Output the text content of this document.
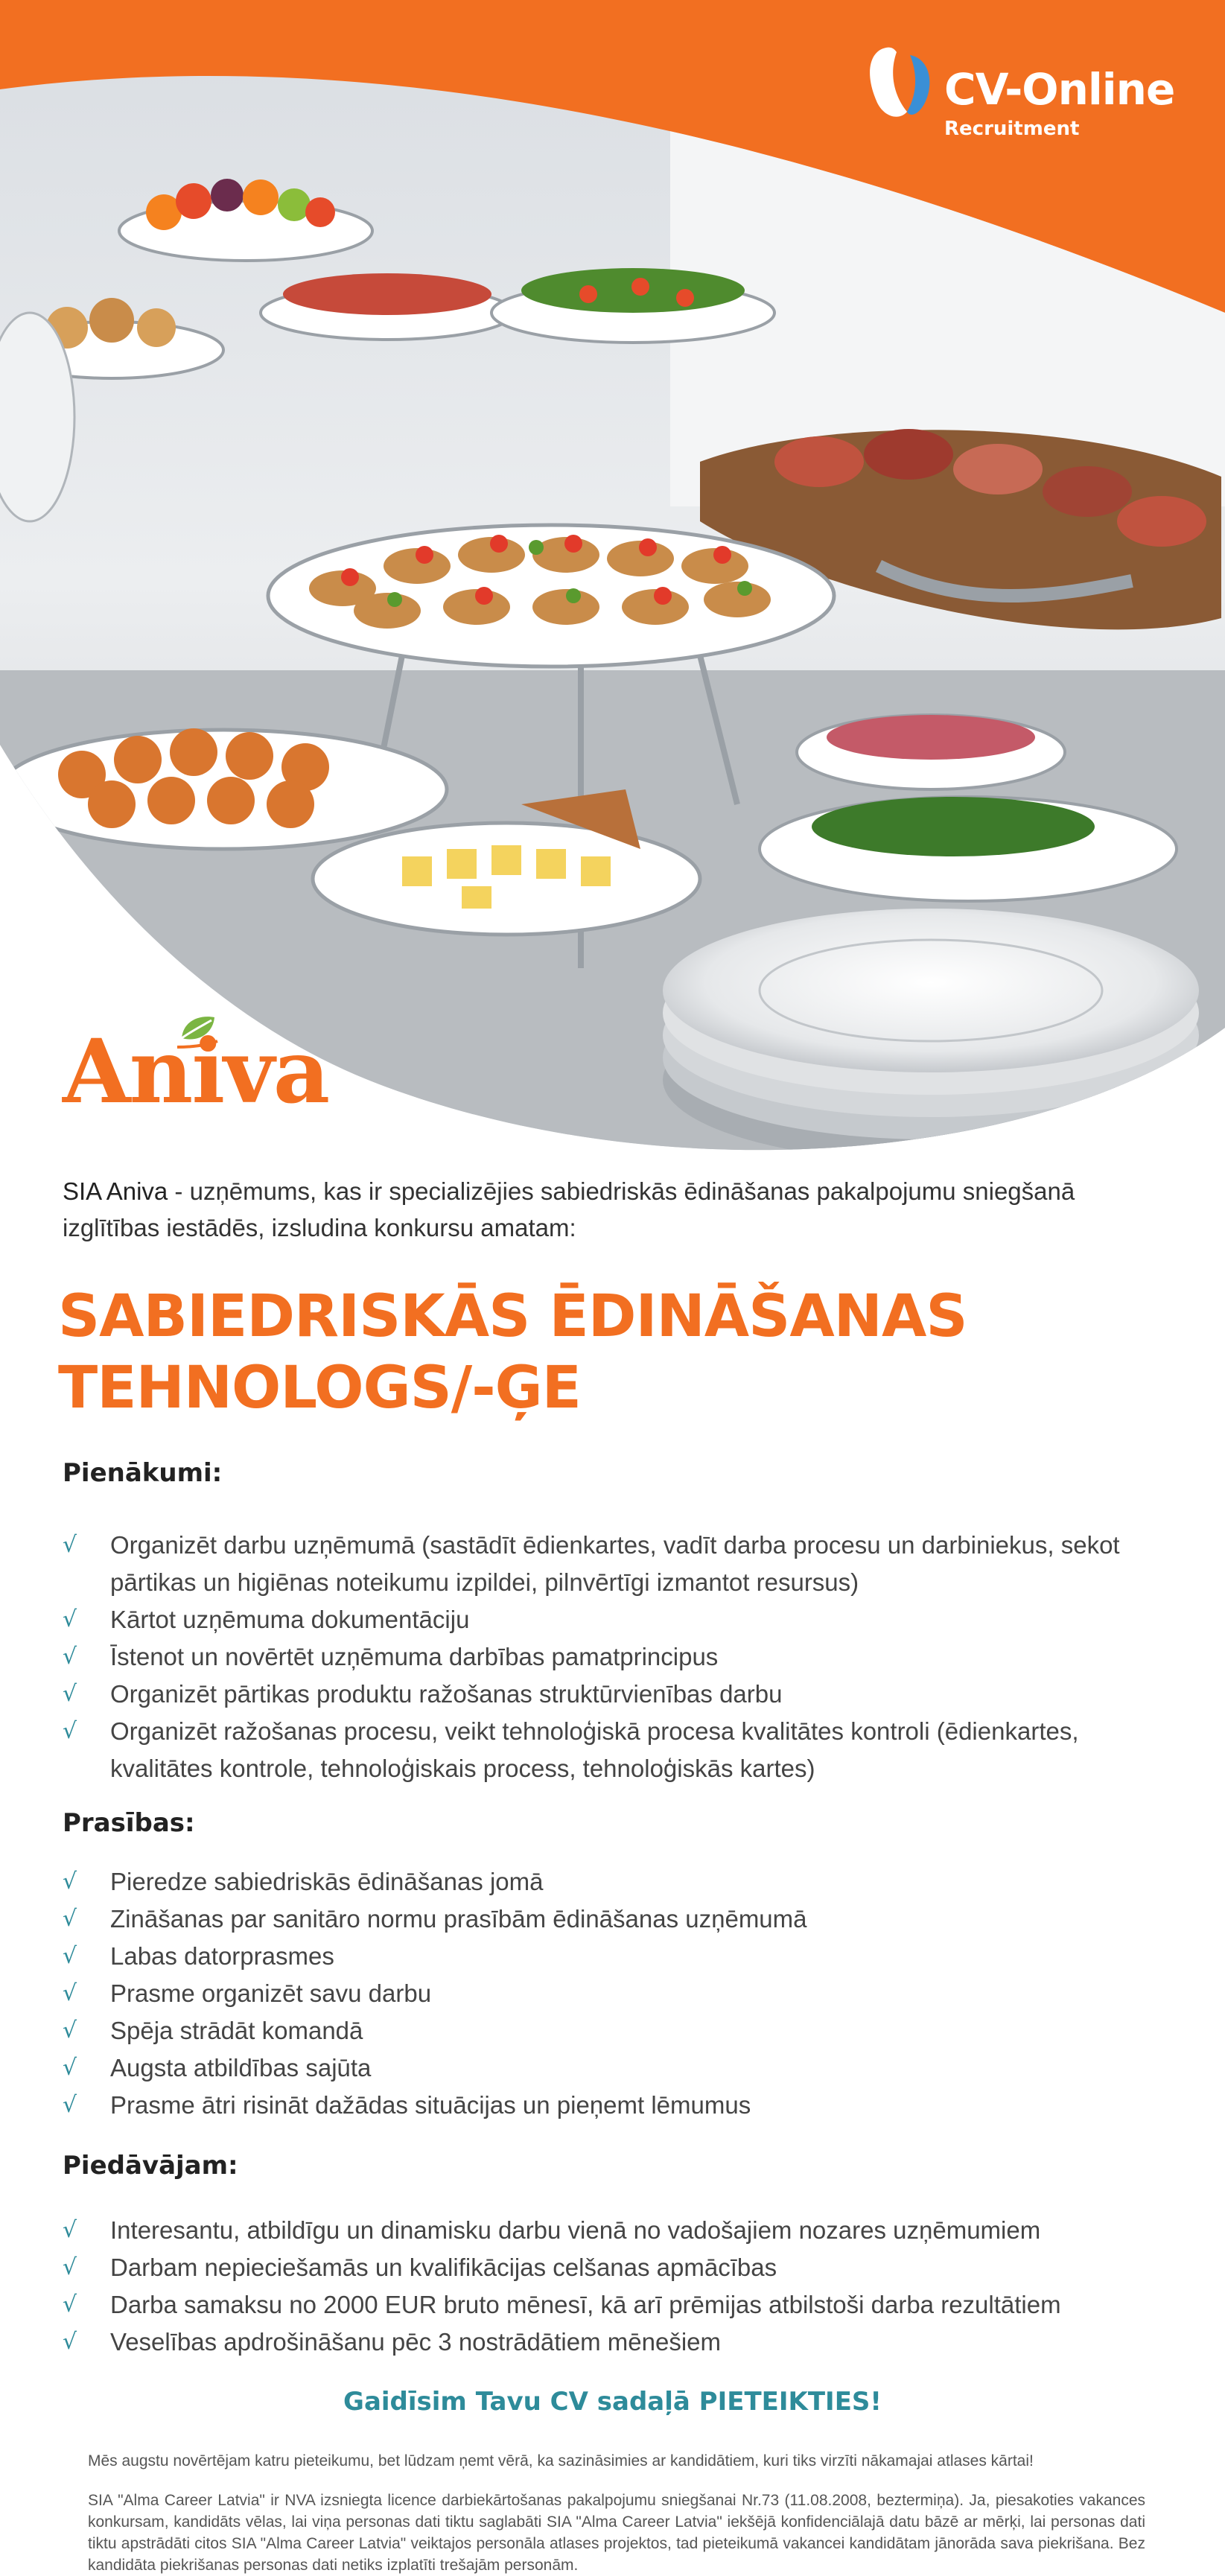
CV-Online
Recruitment
Aniva
SIA Aniva - uzņēmums, kas ir specializējies sabiedriskās ēdināšanas pakalpojumu sniegšanā izglītības iestādēs, izsludina konkursu amatam:
SABIEDRISKĀS ĒDINĀŠANAS
TEHNOLOGS/-ĢE
Pienākumi:
√ Organizēt darbu uzņēmumā (sastādīt ēdienkartes, vadīt darba procesu un darbiniekus, sekot pārtikas un higiēnas noteikumu izpildei, pilnvērtīgi izmantot resursus)
√ Kārtot uzņēmuma dokumentāciju
√ Īstenot un novērtēt uzņēmuma darbības pamatprincipus
√ Organizēt pārtikas produktu ražošanas struktūrvienības darbu
√ Organizēt ražošanas procesu, veikt tehnoloģiskā procesa kvalitātes kontroli (ēdienkartes, kvalitātes kontrole, tehnoloģiskais process, tehnoloģiskās kartes)
Prasības:
√ Pieredze sabiedriskās ēdināšanas jomā
√ Zināšanas par sanitāro normu prasībām ēdināšanas uzņēmumā
√ Labas datorprasmes
√ Prasme organizēt savu darbu
√ Spēja strādāt komandā
√ Augsta atbildības sajūta
√ Prasme ātri risināt dažādas situācijas un pieņemt lēmumus
Piedāvājam:
√ Interesantu, atbildīgu un dinamisku darbu vienā no vadošajiem nozares uzņēmumiem
√ Darbam nepieciešamās un kvalifikācijas celšanas apmācības
√ Darba samaksu no 2000 EUR bruto mēnesī, kā arī prēmijas atbilstoši darba rezultātiem
√ Veselības apdrošināšanu pēc 3 nostrādātiem mēnešiem
Gaidīsim Tavu CV sadaļā PIETEIKTIES!
Mēs augstu novērtējam katru pieteikumu, bet lūdzam ņemt vērā, ka sazināsimies ar kandidātiem, kuri tiks virzīti nākamajai atlases kārtai!
SIA "Alma Career Latvia" ir NVA izsniegta licence darbiekārtošanas pakalpojumu sniegšanai Nr.73 (11.08.2008, beztermiņa). Ja, piesakoties vakances konkursam, kandidāts vēlas, lai viņa personas dati tiktu saglabāti SIA "Alma Career Latvia" iekšējā konfidenciālajā datu bāzē ar mērķi, lai personas dati tiktu apstrādāti citos SIA "Alma Career Latvia" veiktajos personāla atlases projektos, tad pieteikumā vakancei kandidātam jānorāda sava piekrišana. Bez kandidāta piekrišanas personas dati netiks izplatīti trešajām personām.
